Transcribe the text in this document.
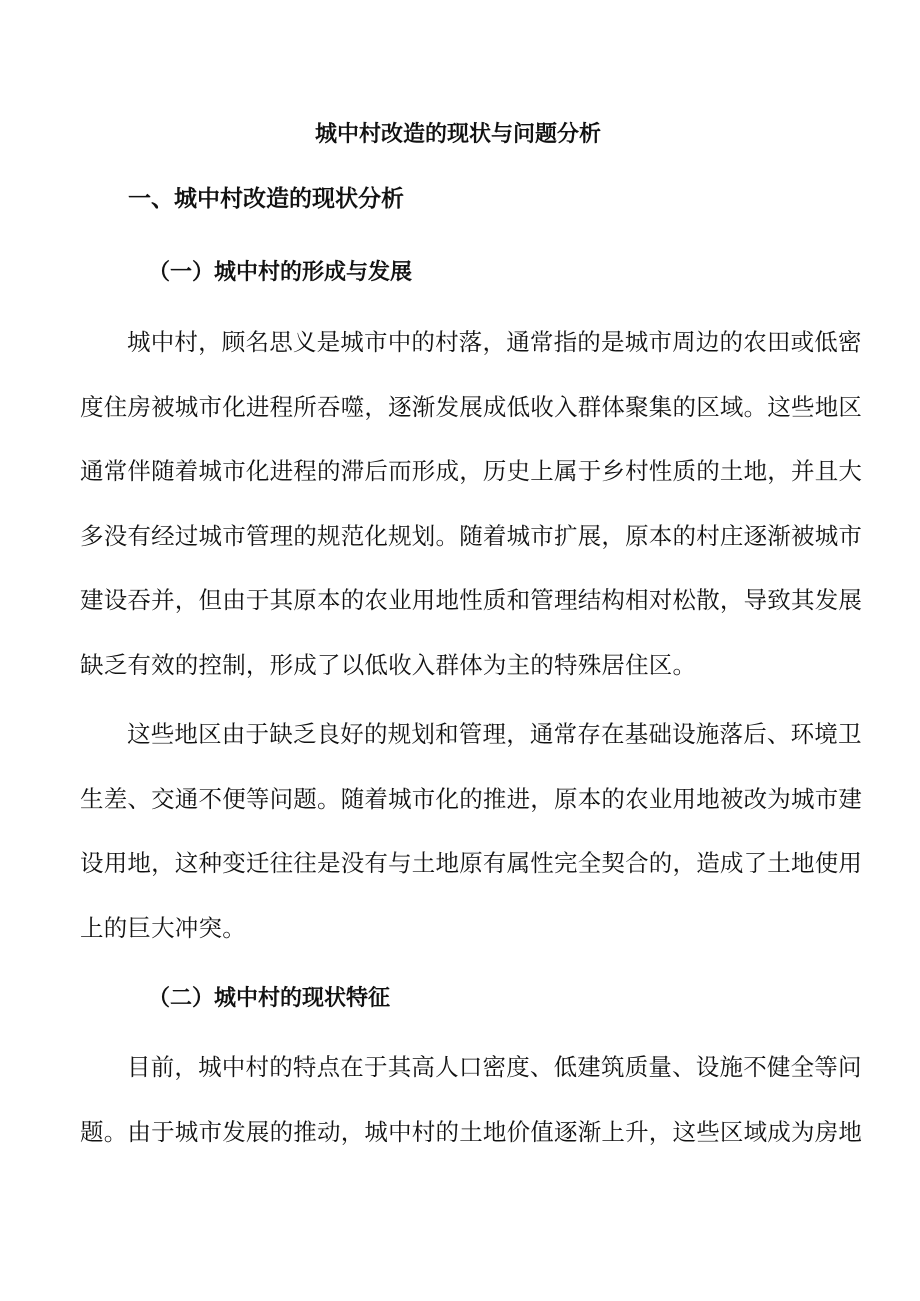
城中村改造的现状与问题分析
一、城中村改造的现状分析
（一）城中村的形成与发展
城中村，顾名思义是城市中的村落，通常指的是城市周边的农田或低密
度住房被城市化进程所吞噬，逐渐发展成低收入群体聚集的区域。这些地区
通常伴随着城市化进程的滞后而形成，历史上属于乡村性质的土地，并且大
多没有经过城市管理的规范化规划。随着城市扩展，原本的村庄逐渐被城市
建设吞并，但由于其原本的农业用地性质和管理结构相对松散，导致其发展
缺乏有效的控制，形成了以低收入群体为主的特殊居住区。
这些地区由于缺乏良好的规划和管理，通常存在基础设施落后、环境卫
生差、交通不便等问题。随着城市化的推进，原本的农业用地被改为城市建
设用地，这种变迁往往是没有与土地原有属性完全契合的，造成了土地使用
上的巨大冲突。
（二）城中村的现状特征
目前，城中村的特点在于其高人口密度、低建筑质量、设施不健全等问
题。由于城市发展的推动，城中村的土地价值逐渐上升，这些区域成为房地
